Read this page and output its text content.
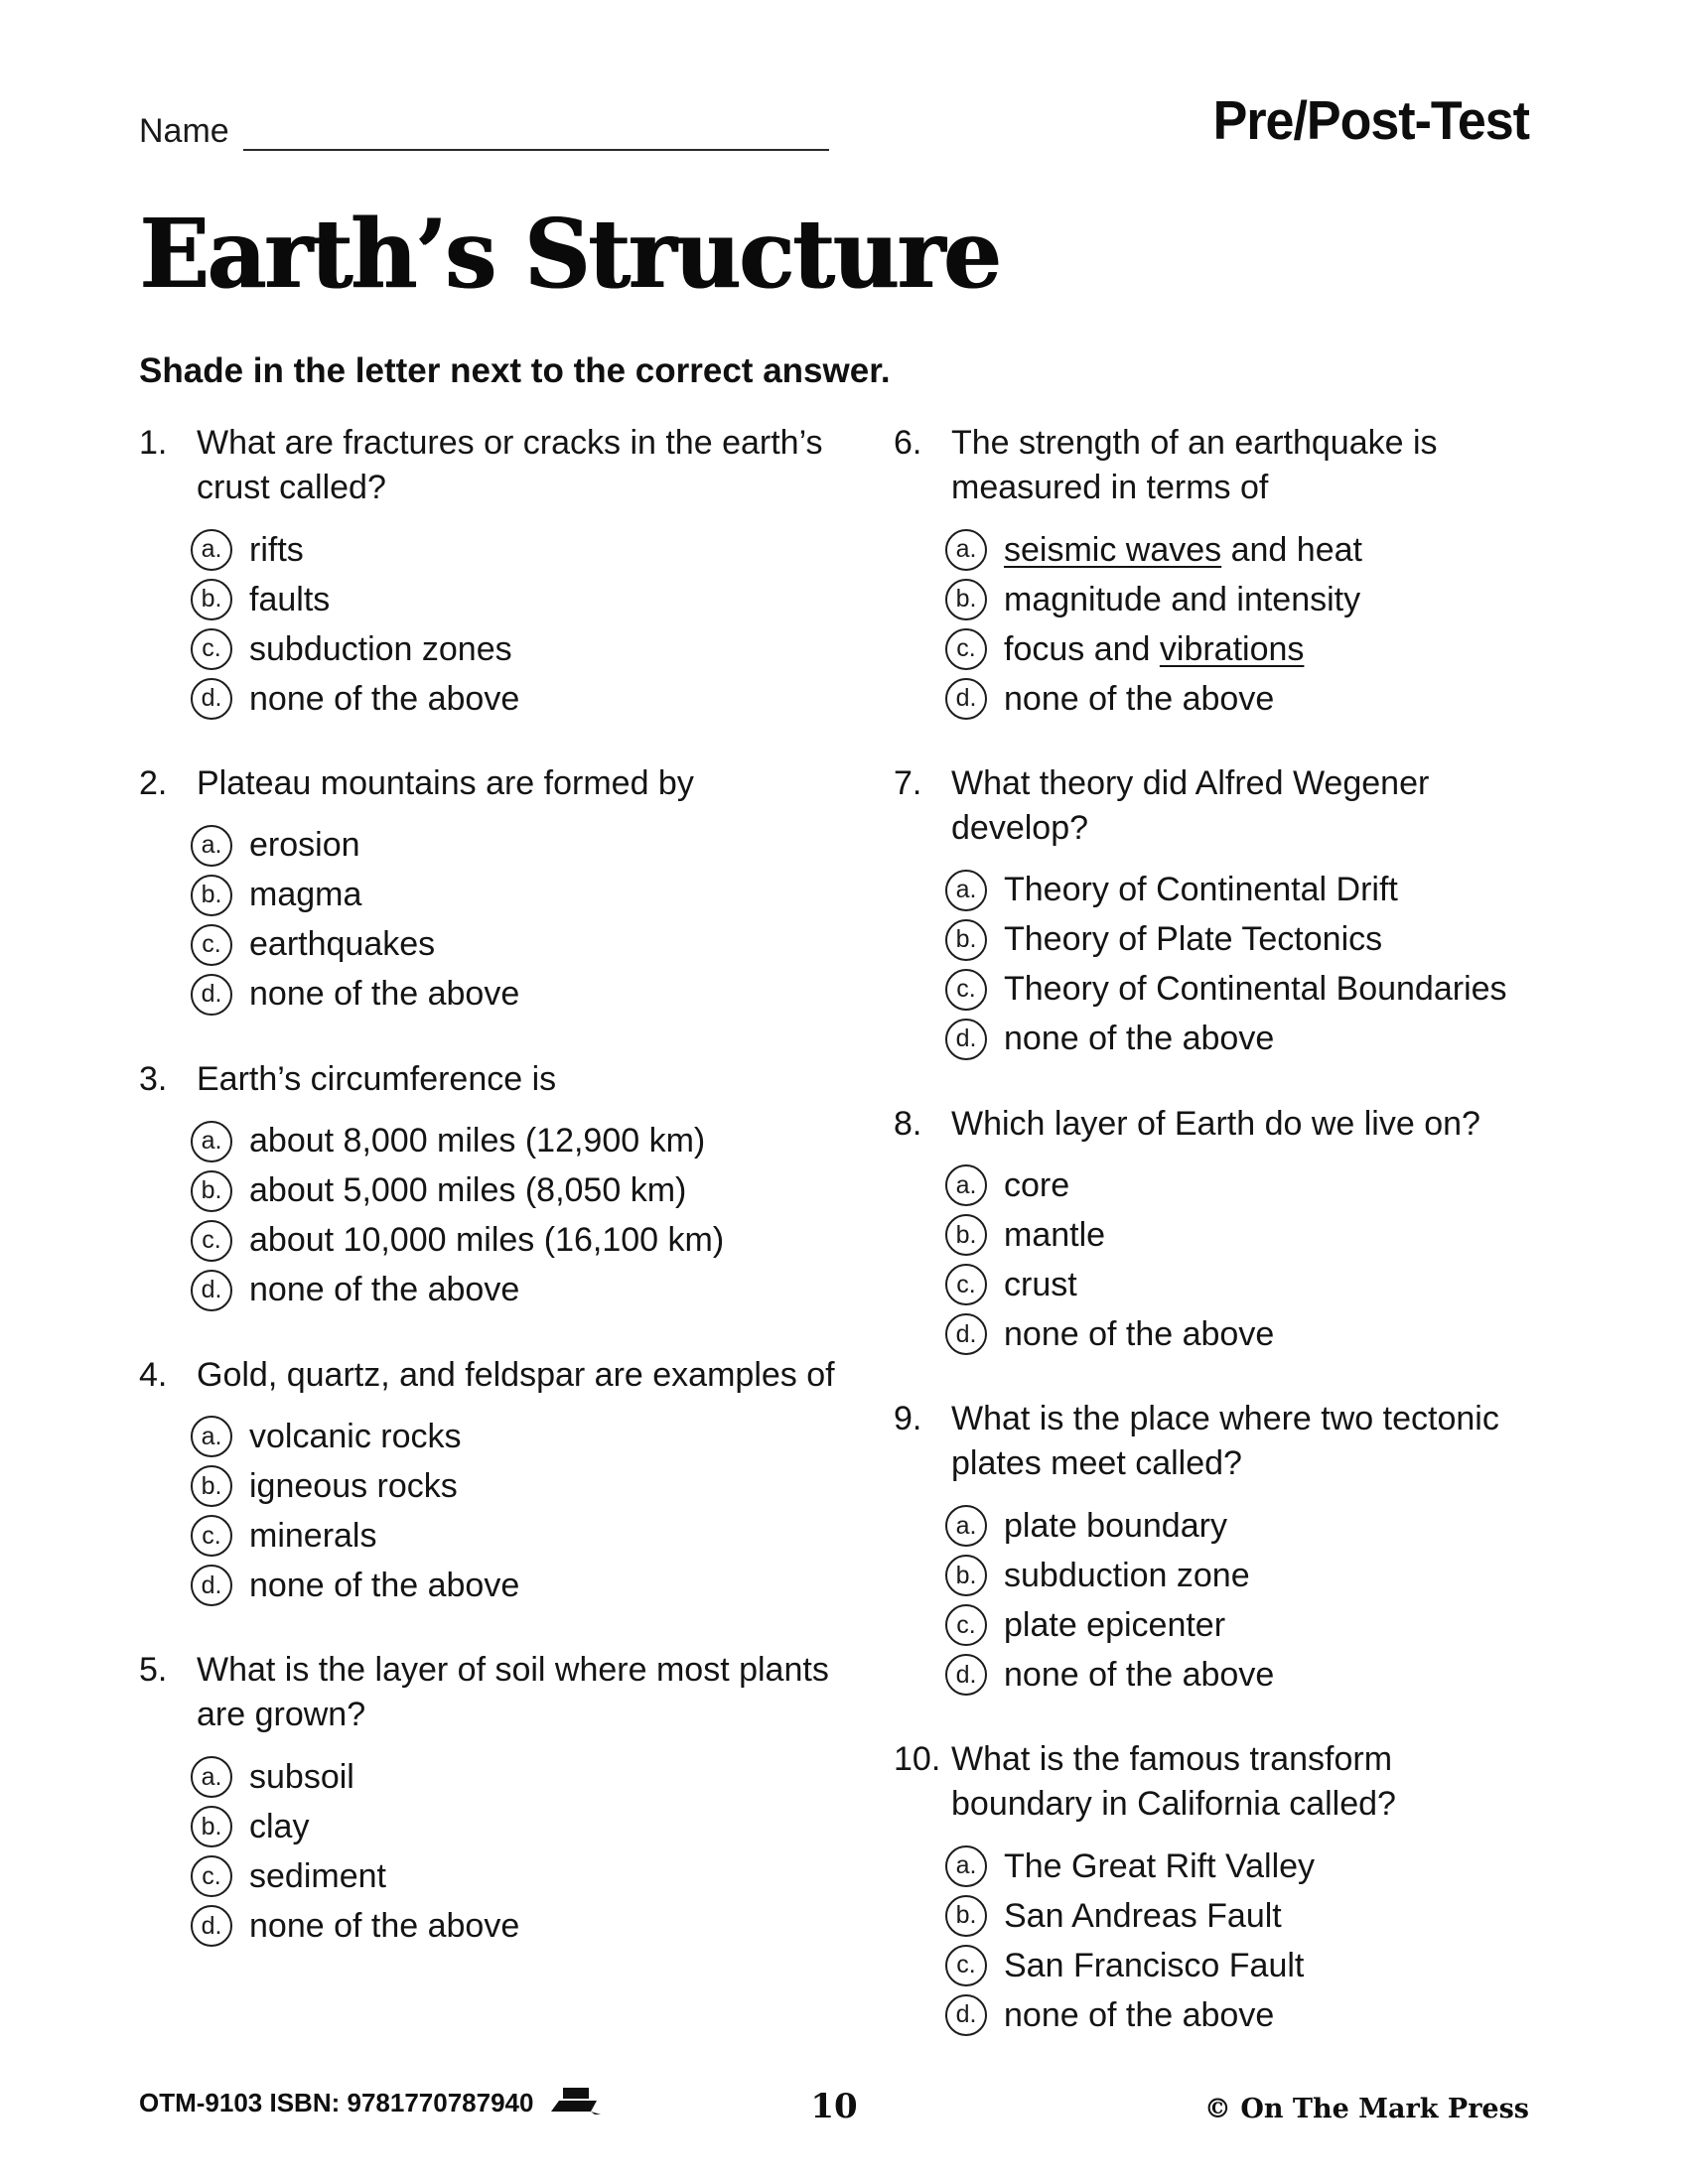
Name	Pre/Post-Test
Earth’s Structure
Shade in the letter next to the correct answer.
1. What are fractures or cracks in the earth’s crust called?
a. rifts
b. faults
c. subduction zones
d. none of the above
2. Plateau mountains are formed by
a. erosion
b. magma
c. earthquakes
d. none of the above
3. Earth’s circumference is
a. about 8,000 miles (12,900 km)
b. about 5,000 miles (8,050 km)
c. about 10,000 miles (16,100 km)
d. none of the above
4. Gold, quartz, and feldspar are examples of
a. volcanic rocks
b. igneous rocks
c. minerals
d. none of the above
5. What is the layer of soil where most plants are grown?
a. subsoil
b. clay
c. sediment
d. none of the above
6. The strength of an earthquake is measured in terms of
a. seismic waves and heat
b. magnitude and intensity
c. focus and vibrations
d. none of the above
7. What theory did Alfred Wegener develop?
a. Theory of Continental Drift
b. Theory of Plate Tectonics
c. Theory of Continental Boundaries
d. none of the above
8. Which layer of Earth do we live on?
a. core
b. mantle
c. crust
d. none of the above
9. What is the place where two tectonic plates meet called?
a. plate boundary
b. subduction zone
c. plate epicenter
d. none of the above
10. What is the famous transform boundary in California called?
a. The Great Rift Valley
b. San Andreas Fault
c. San Francisco Fault
d. none of the above
OTM-9103 ISBN: 9781770787940	10	© On The Mark Press
